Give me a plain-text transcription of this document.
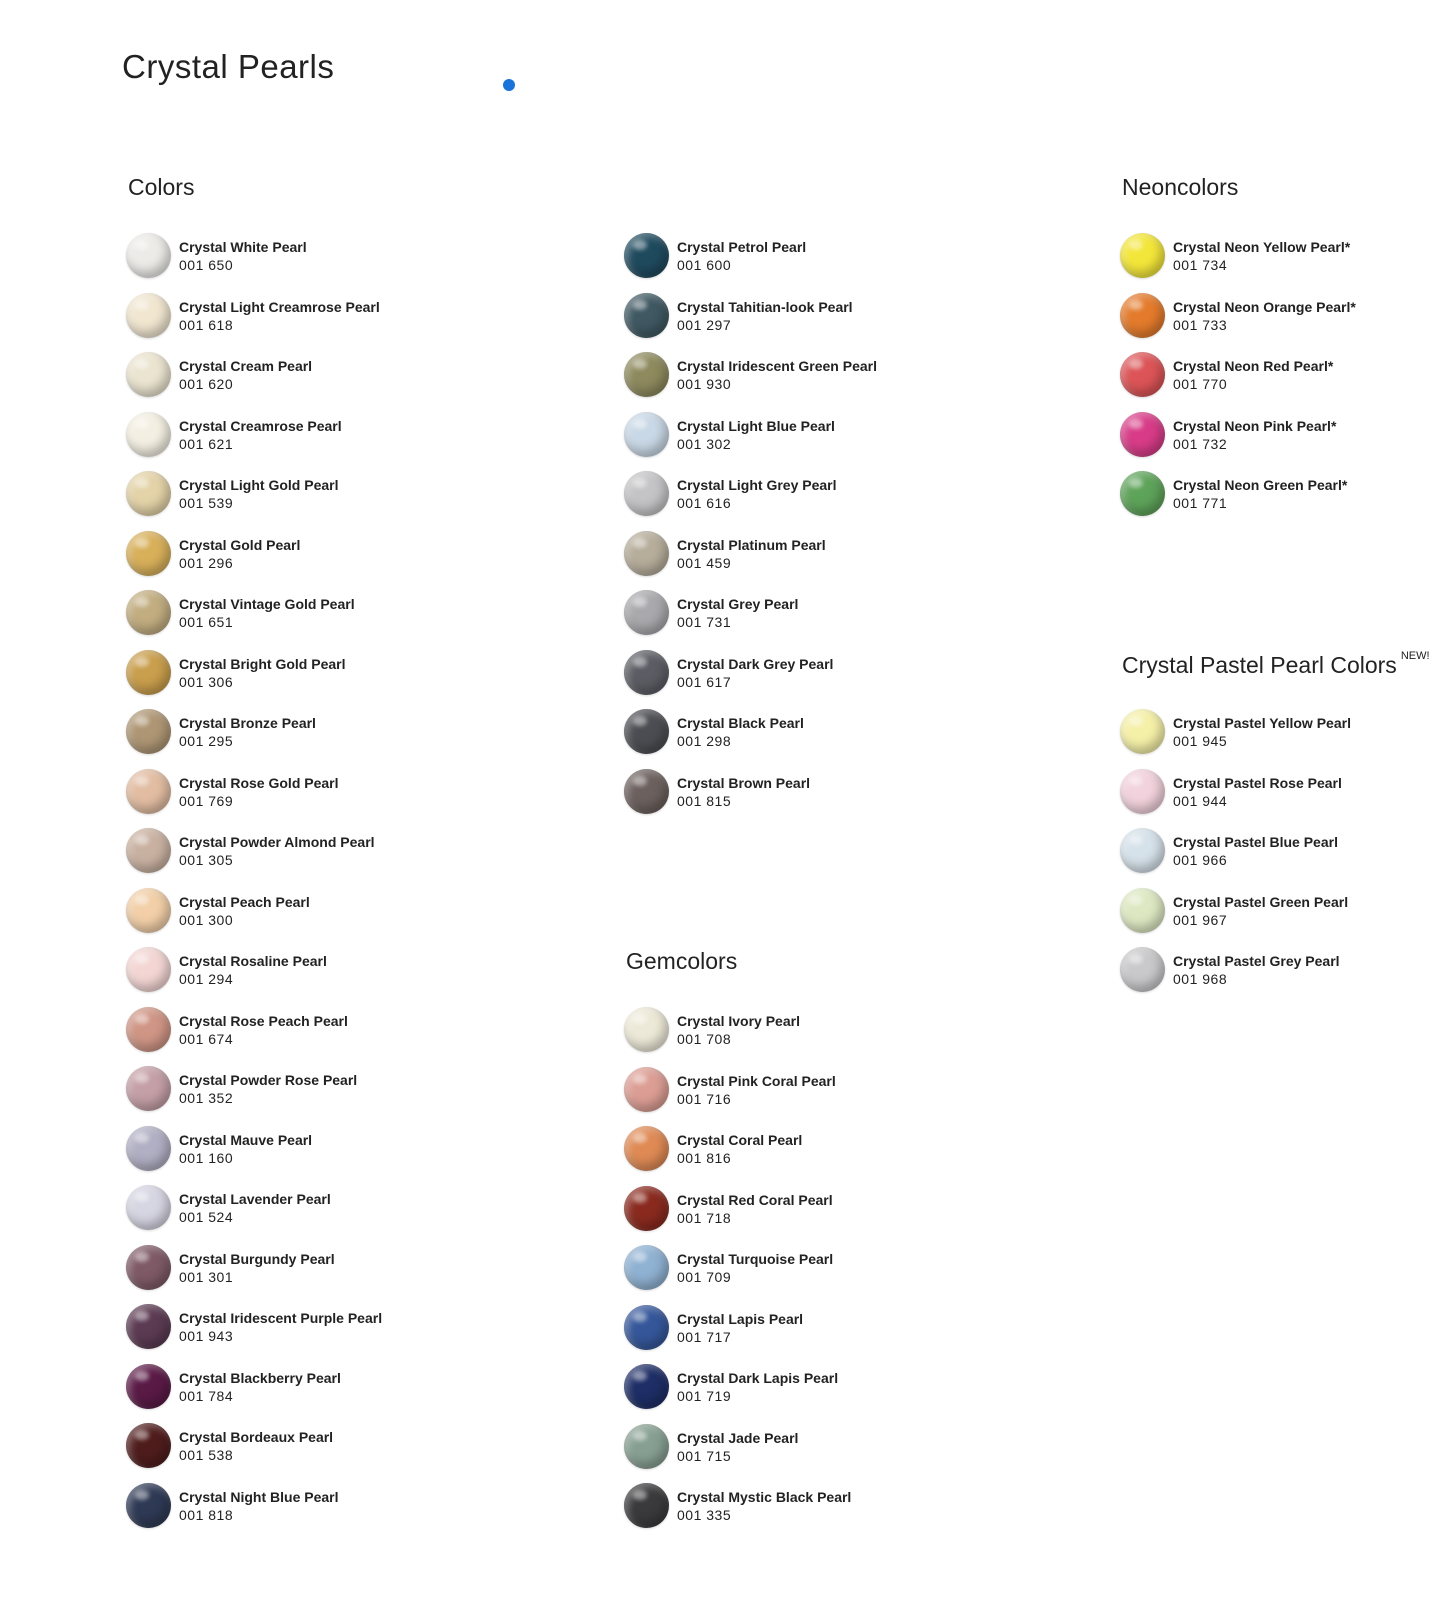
Crystal Pearls
Colors
Crystal White Pearl
001 650
Crystal Light Creamrose Pearl
001 618
Crystal Cream Pearl
001 620
Crystal Creamrose Pearl
001 621
Crystal Light Gold Pearl
001 539
Crystal Gold Pearl
001 296
Crystal Vintage Gold Pearl
001 651
Crystal Bright Gold Pearl
001 306
Crystal Bronze Pearl
001 295
Crystal Rose Gold Pearl
001 769
Crystal Powder Almond Pearl
001 305
Crystal Peach Pearl
001 300
Crystal Rosaline Pearl
001 294
Crystal Rose Peach Pearl
001 674
Crystal Powder Rose Pearl
001 352
Crystal Mauve Pearl
001 160
Crystal Lavender Pearl
001 524
Crystal Burgundy Pearl
001 301
Crystal Iridescent Purple Pearl
001 943
Crystal Blackberry Pearl
001 784
Crystal Bordeaux Pearl
001 538
Crystal Night Blue Pearl
001 818
Crystal Petrol Pearl
001 600
Crystal Tahitian-look Pearl
001 297
Crystal Iridescent Green Pearl
001 930
Crystal Light Blue Pearl
001 302
Crystal Light Grey Pearl
001 616
Crystal Platinum Pearl
001 459
Crystal Grey Pearl
001 731
Crystal Dark Grey Pearl
001 617
Crystal Black Pearl
001 298
Crystal Brown Pearl
001 815
Gemcolors
Crystal Ivory Pearl
001 708
Crystal Pink Coral Pearl
001 716
Crystal Coral Pearl
001 816
Crystal Red Coral Pearl
001 718
Crystal Turquoise Pearl
001 709
Crystal Lapis Pearl
001 717
Crystal Dark Lapis Pearl
001 719
Crystal Jade Pearl
001 715
Crystal Mystic Black Pearl
001 335
Neoncolors
Crystal Neon Yellow Pearl*
001 734
Crystal Neon Orange Pearl*
001 733
Crystal Neon Red Pearl*
001 770
Crystal Neon Pink Pearl*
001 732
Crystal Neon Green Pearl*
001 771
Crystal Pastel Pearl Colors $^{NEW!}$
Crystal Pastel Yellow Pearl
001 945
Crystal Pastel Rose Pearl
001 944
Crystal Pastel Blue Pearl
001 966
Crystal Pastel Green Pearl
001 967
Crystal Pastel Grey Pearl
001 968
